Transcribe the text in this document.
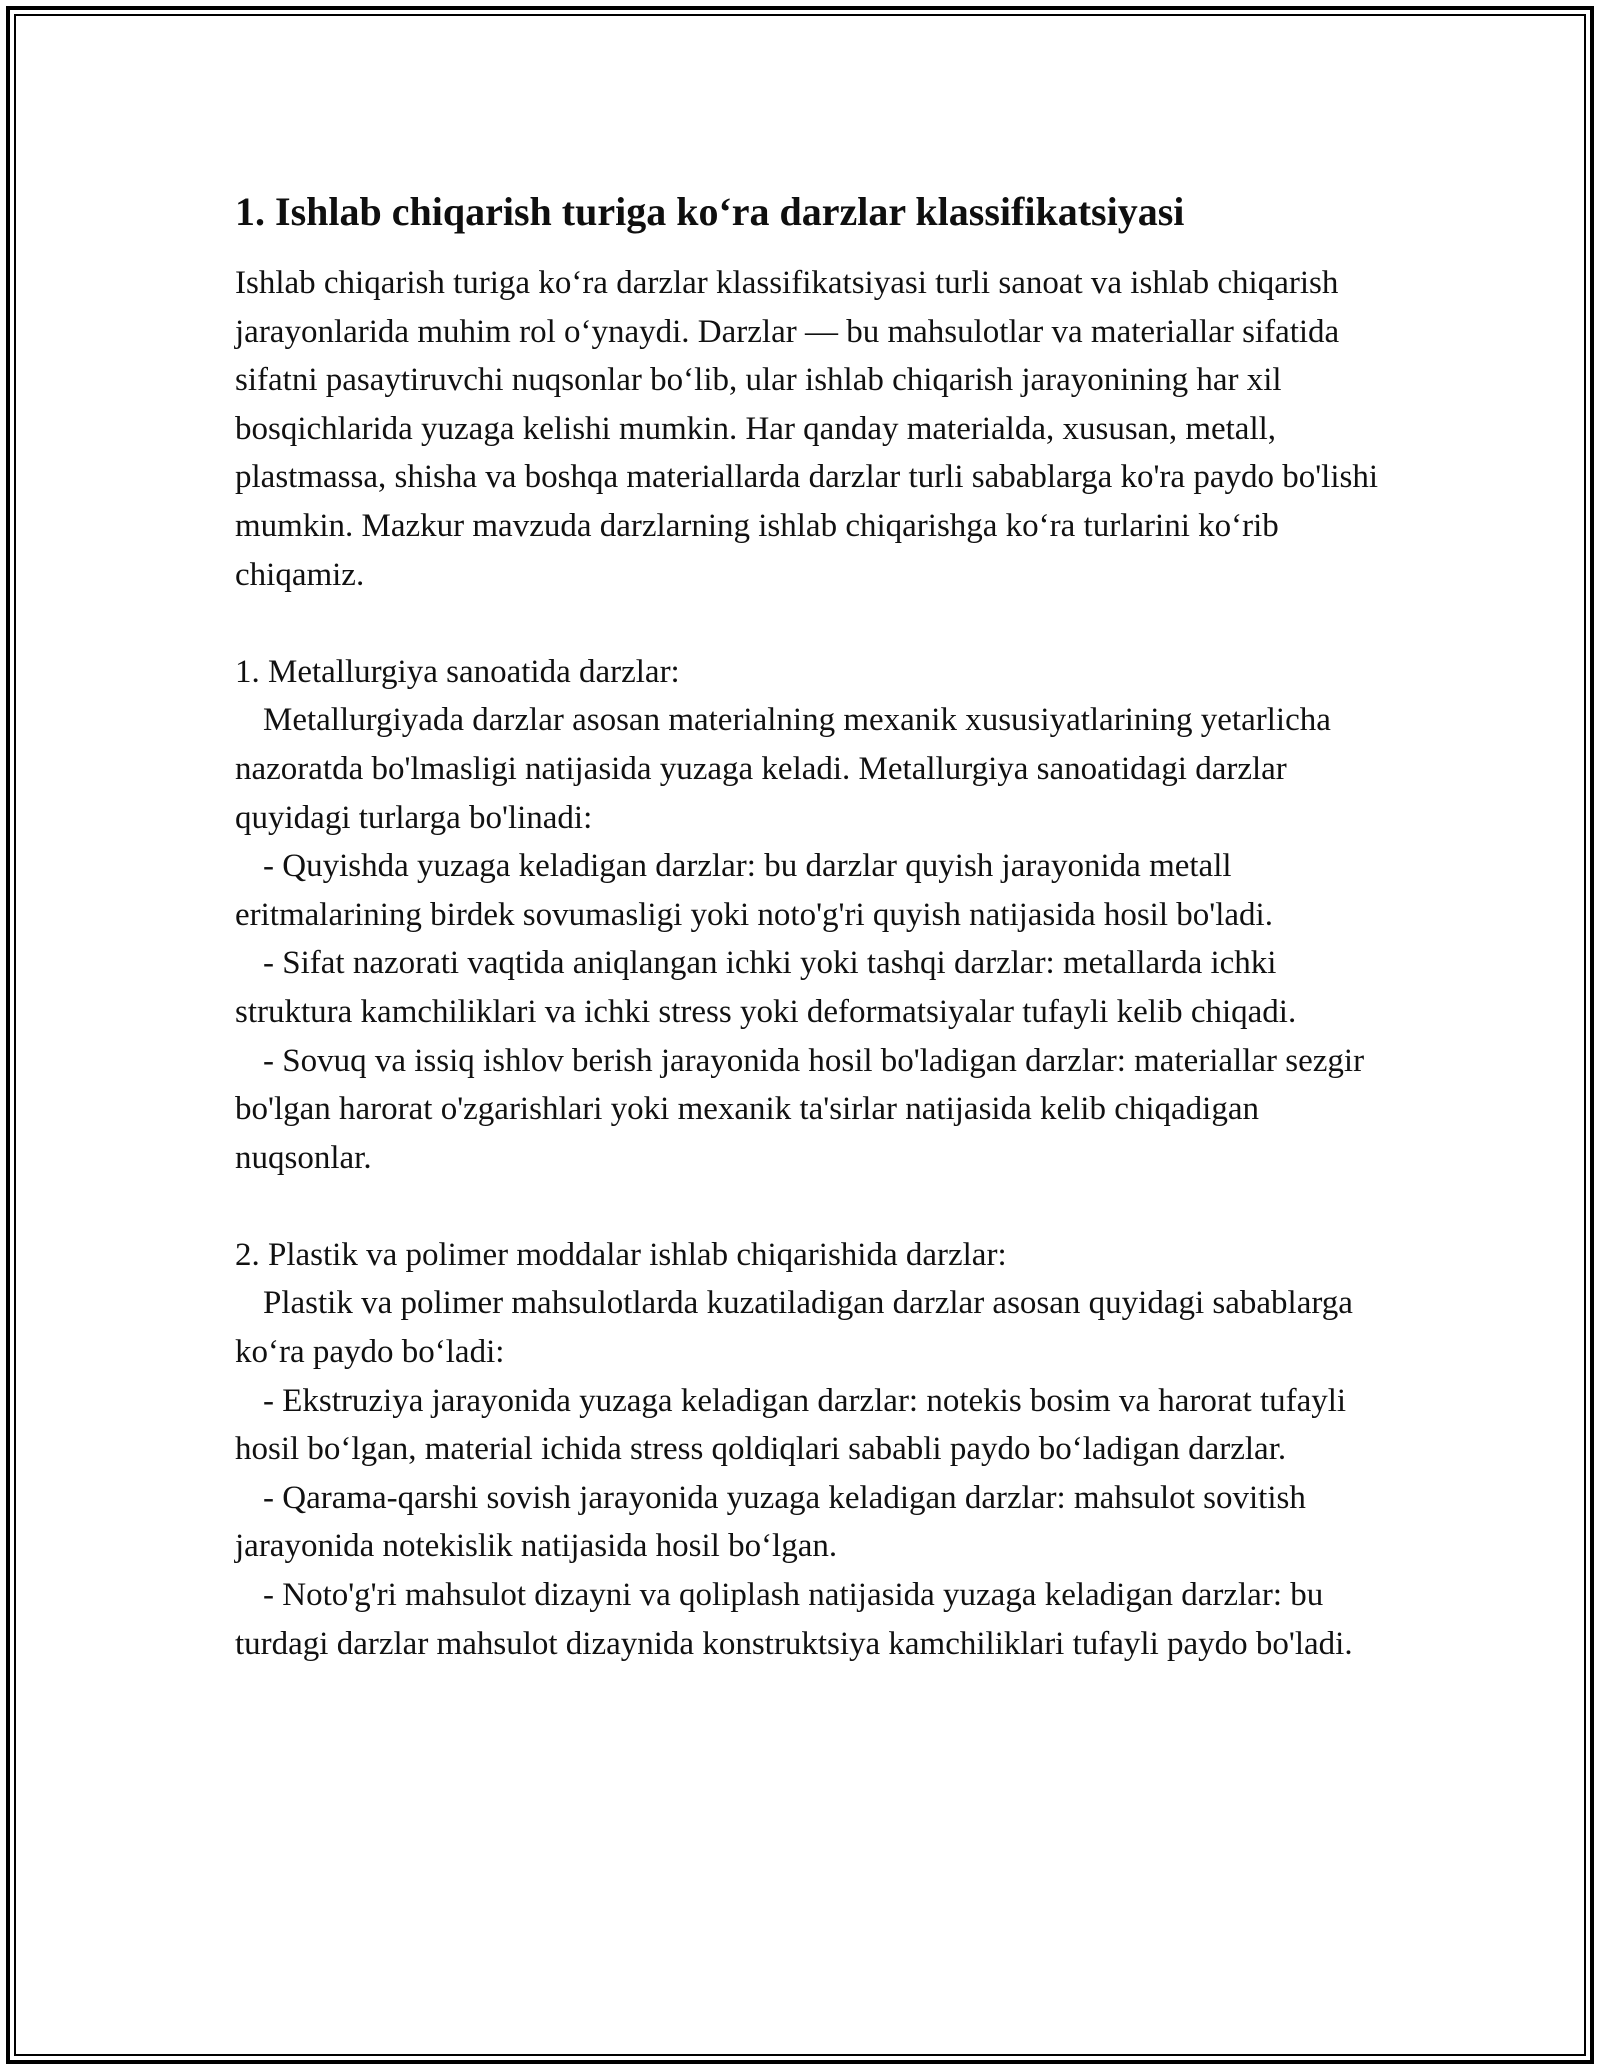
1. Ishlab chiqarish turiga ko‘ra darzlar klassifikatsiyasi

Ishlab chiqarish turiga ko‘ra darzlar klassifikatsiyasi turli sanoat va ishlab chiqarish jarayonlarida muhim rol o‘ynaydi. Darzlar — bu mahsulotlar va materiallar sifatida sifatni pasaytiruvchi nuqsonlar bo‘lib, ular ishlab chiqarish jarayonining har xil bosqichlarida yuzaga kelishi mumkin. Har qanday materialda, xususan, metall, plastmassa, shisha va boshqa materiallarda darzlar turli sabablarga ko'ra paydo bo'lishi mumkin. Mazkur mavzuda darzlarning ishlab chiqarishga ko‘ra turlarini ko‘rib chiqamiz.

1. Metallurgiya sanoatida darzlar:
Metallurgiyada darzlar asosan materialning mexanik xususiyatlarining yetarlicha nazoratda bo'lmasligi natijasida yuzaga keladi. Metallurgiya sanoatidagi darzlar quyidagi turlarga bo'linadi:
- Quyishda yuzaga keladigan darzlar: bu darzlar quyish jarayonida metall eritmalarining birdek sovumasligi yoki noto'g'ri quyish natijasida hosil bo'ladi.
- Sifat nazorati vaqtida aniqlangan ichki yoki tashqi darzlar: metallarda ichki struktura kamchiliklari va ichki stress yoki deformatsiyalar tufayli kelib chiqadi.
- Sovuq va issiq ishlov berish jarayonida hosil bo'ladigan darzlar: materiallar sezgir bo'lgan harorat o'zgarishlari yoki mexanik ta'sirlar natijasida kelib chiqadigan nuqsonlar.
2. Plastik va polimer moddalar ishlab chiqarishida darzlar:
Plastik va polimer mahsulotlarda kuzatiladigan darzlar asosan quyidagi sabablarga ko‘ra paydo bo‘ladi:
- Ekstruziya jarayonida yuzaga keladigan darzlar: notekis bosim va harorat tufayli hosil bo‘lgan, material ichida stress qoldiqlari sababli paydo bo‘ladigan darzlar.
- Qarama-qarshi sovish jarayonida yuzaga keladigan darzlar: mahsulot sovitish jarayonida notekislik natijasida hosil bo‘lgan.
- Noto'g'ri mahsulot dizayni va qoliplash natijasida yuzaga keladigan darzlar: bu turdagi darzlar mahsulot dizaynida konstruktsiya kamchiliklari tufayli paydo bo'ladi.
